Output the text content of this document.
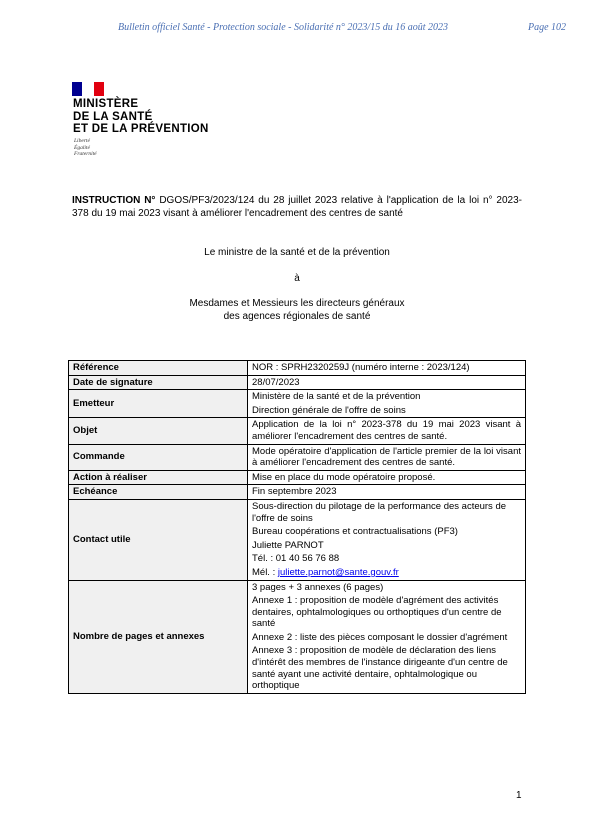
Bulletin officiel Santé - Protection sociale - Solidarité n° 2023/15 du 16 août 2023	Page 102
MINISTÈRE
DE LA SANTÉ
ET DE LA PRÉVENTION
Liberté
Égalité
Fraternité
INSTRUCTION N° DGOS/PF3/2023/124 du 28 juillet 2023 relative à l'application de la loi n° 2023-378 du 19 mai 2023 visant à améliorer l'encadrement des centres de santé
Le ministre de la santé et de la prévention
à
Mesdames et Messieurs les directeurs généraux
des agences régionales de santé
Référence	NOR : SPRH2320259J (numéro interne : 2023/124)
Date de signature	28/07/2023
Emetteur	Ministère de la santé et de la prévention

Direction générale de l'offre de soins

Objet	Application de la loi n° 2023-378 du 19 mai 2023 visant à améliorer l'encadrement des centres de santé.
Commande	Mode opératoire d'application de l'article premier de la loi visant à améliorer l'encadrement des centres de santé.
Action à réaliser	Mise en place du mode opératoire proposé.
Echéance	Fin septembre 2023
Contact utile	Sous-direction du pilotage de la performance des acteurs de l'offre de soins

Bureau coopérations et contractualisations (PF3)

Juliette PARNOT

Tél. : 01 40 56 76 88

Mél. : juliette.parnot@sante.gouv.fr

Nombre de pages et annexes	3 pages + 3 annexes (6 pages)

Annexe 1 : proposition de modèle d'agrément des activités dentaires, ophtalmologiques ou orthoptiques d'un centre de santé

Annexe 2 : liste des pièces composant le dossier d'agrément

Annexe 3 : proposition de modèle de déclaration des liens d'intérêt des membres de l'instance dirigeante d'un centre de santé ayant une activité dentaire, ophtalmologique ou orthoptique

1
